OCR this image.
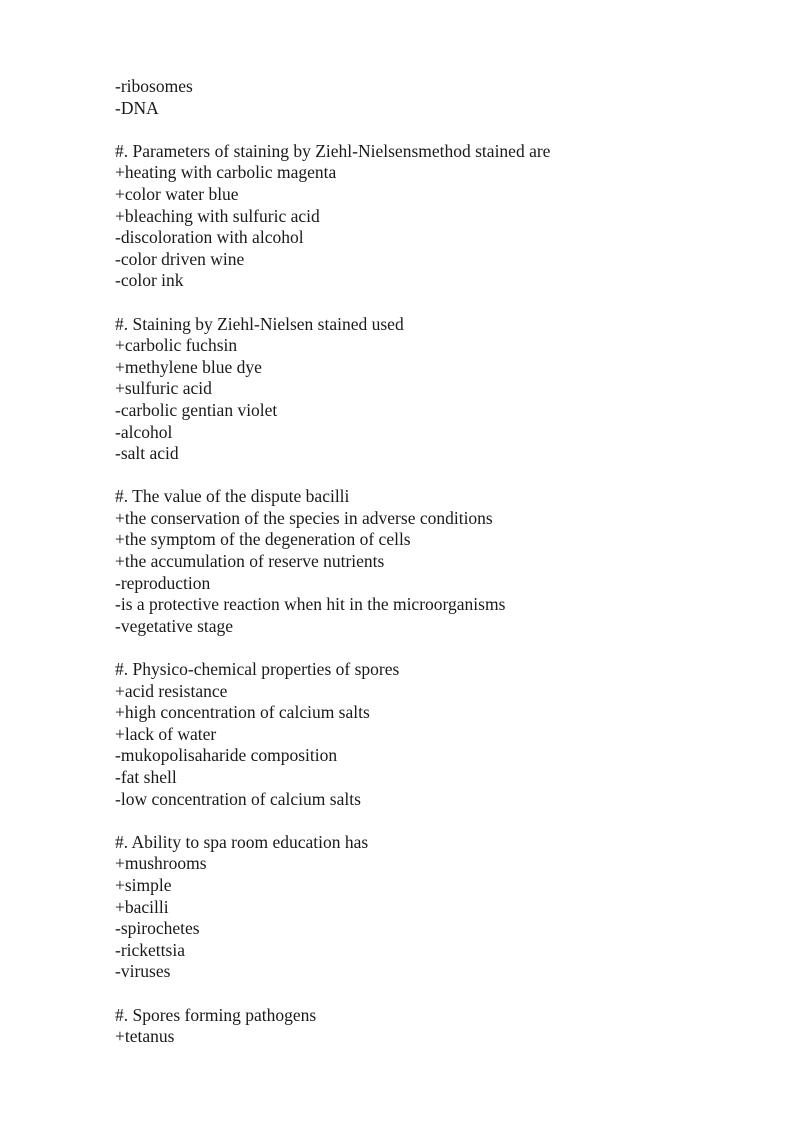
-ribosomes
-DNA
#. Parameters of staining by Ziehl-Nielsensmethod stained are
+heating with carbolic magenta
+color water blue
+bleaching with sulfuric acid
-discoloration with alcohol
-color driven wine
-color ink
#. Staining by Ziehl-Nielsen stained used
+carbolic fuchsin
+methylene blue dye
+sulfuric acid
-carbolic gentian violet
-alcohol
-salt acid
#. The value of the dispute bacilli
+the conservation of the species in adverse conditions
+the symptom of the degeneration of cells
+the accumulation of reserve nutrients
-reproduction
-is a protective reaction when hit in the microorganisms
-vegetative stage
#. Physico-chemical properties of spores
+acid resistance
+high concentration of calcium salts
+lack of water
-mukopolisaharide composition
-fat shell
-low concentration of calcium salts
#. Ability to spa room education has
+mushrooms
+simple
+bacilli
-spirochetes
-rickettsia
-viruses
#. Spores forming pathogens
+tetanus
